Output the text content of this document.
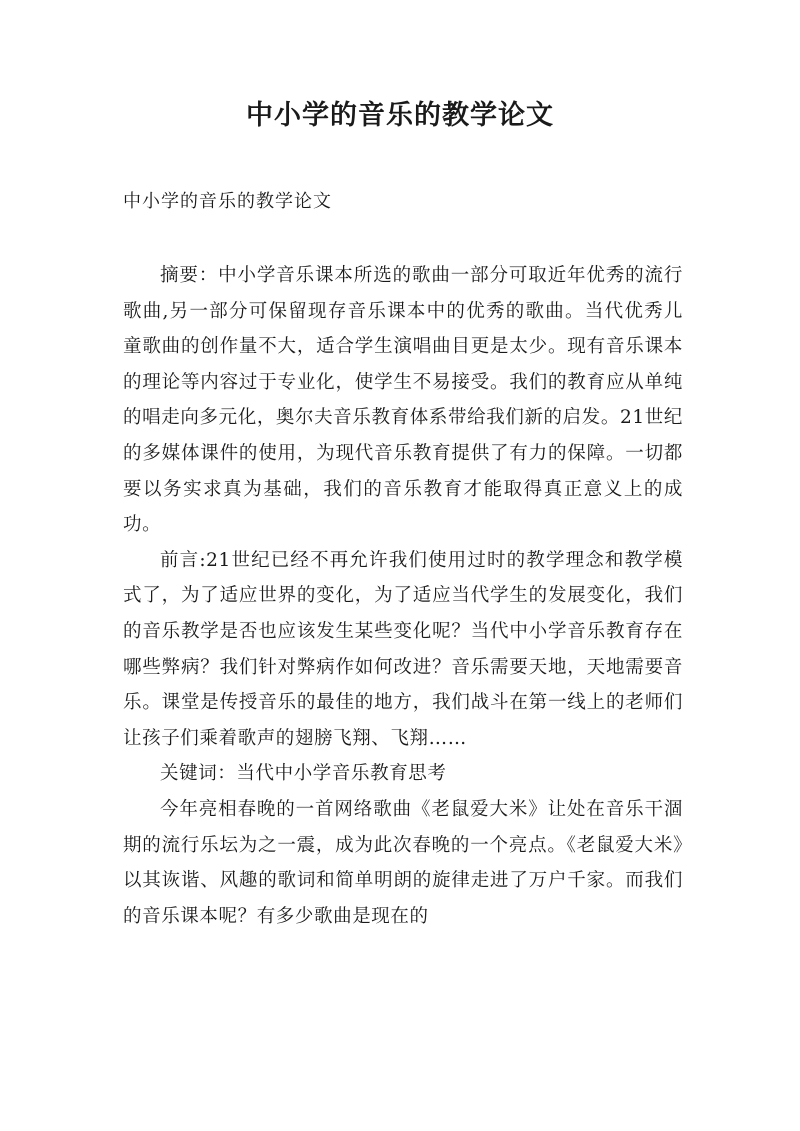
中小学的音乐的教学论文
中小学的音乐的教学论文

摘要：中小学音乐课本所选的歌曲一部分可取近年优秀的流行歌曲,另一部分可保留现存音乐课本中的优秀的歌曲。当代优秀儿童歌曲的创作量不大，适合学生演唱曲目更是太少。现有音乐课本的理论等内容过于专业化，使学生不易接受。我们的教育应从单纯的唱走向多元化，奥尔夫音乐教育体系带给我们新的启发。21世纪的多媒体课件的使用，为现代音乐教育提供了有力的保障。一切都要以务实求真为基础，我们的音乐教育才能取得真正意义上的成功。

前言:21世纪已经不再允许我们使用过时的教学理念和教学模式了，为了适应世界的变化，为了适应当代学生的发展变化，我们的音乐教学是否也应该发生某些变化呢？当代中小学音乐教育存在哪些弊病？我们针对弊病作如何改进？音乐需要天地，天地需要音乐。课堂是传授音乐的最佳的地方，我们战斗在第一线上的老师们让孩子们乘着歌声的翅膀飞翔、飞翔……

关键词：当代中小学音乐教育思考

今年亮相春晚的一首网络歌曲《老鼠爱大米》让处在音乐干涸期的流行乐坛为之一震，成为此次春晚的一个亮点。《老鼠爱大米》以其诙谐、风趣的歌词和简单明朗的旋律走进了万户千家。而我们的音乐课本呢？有多少歌曲是现在的
